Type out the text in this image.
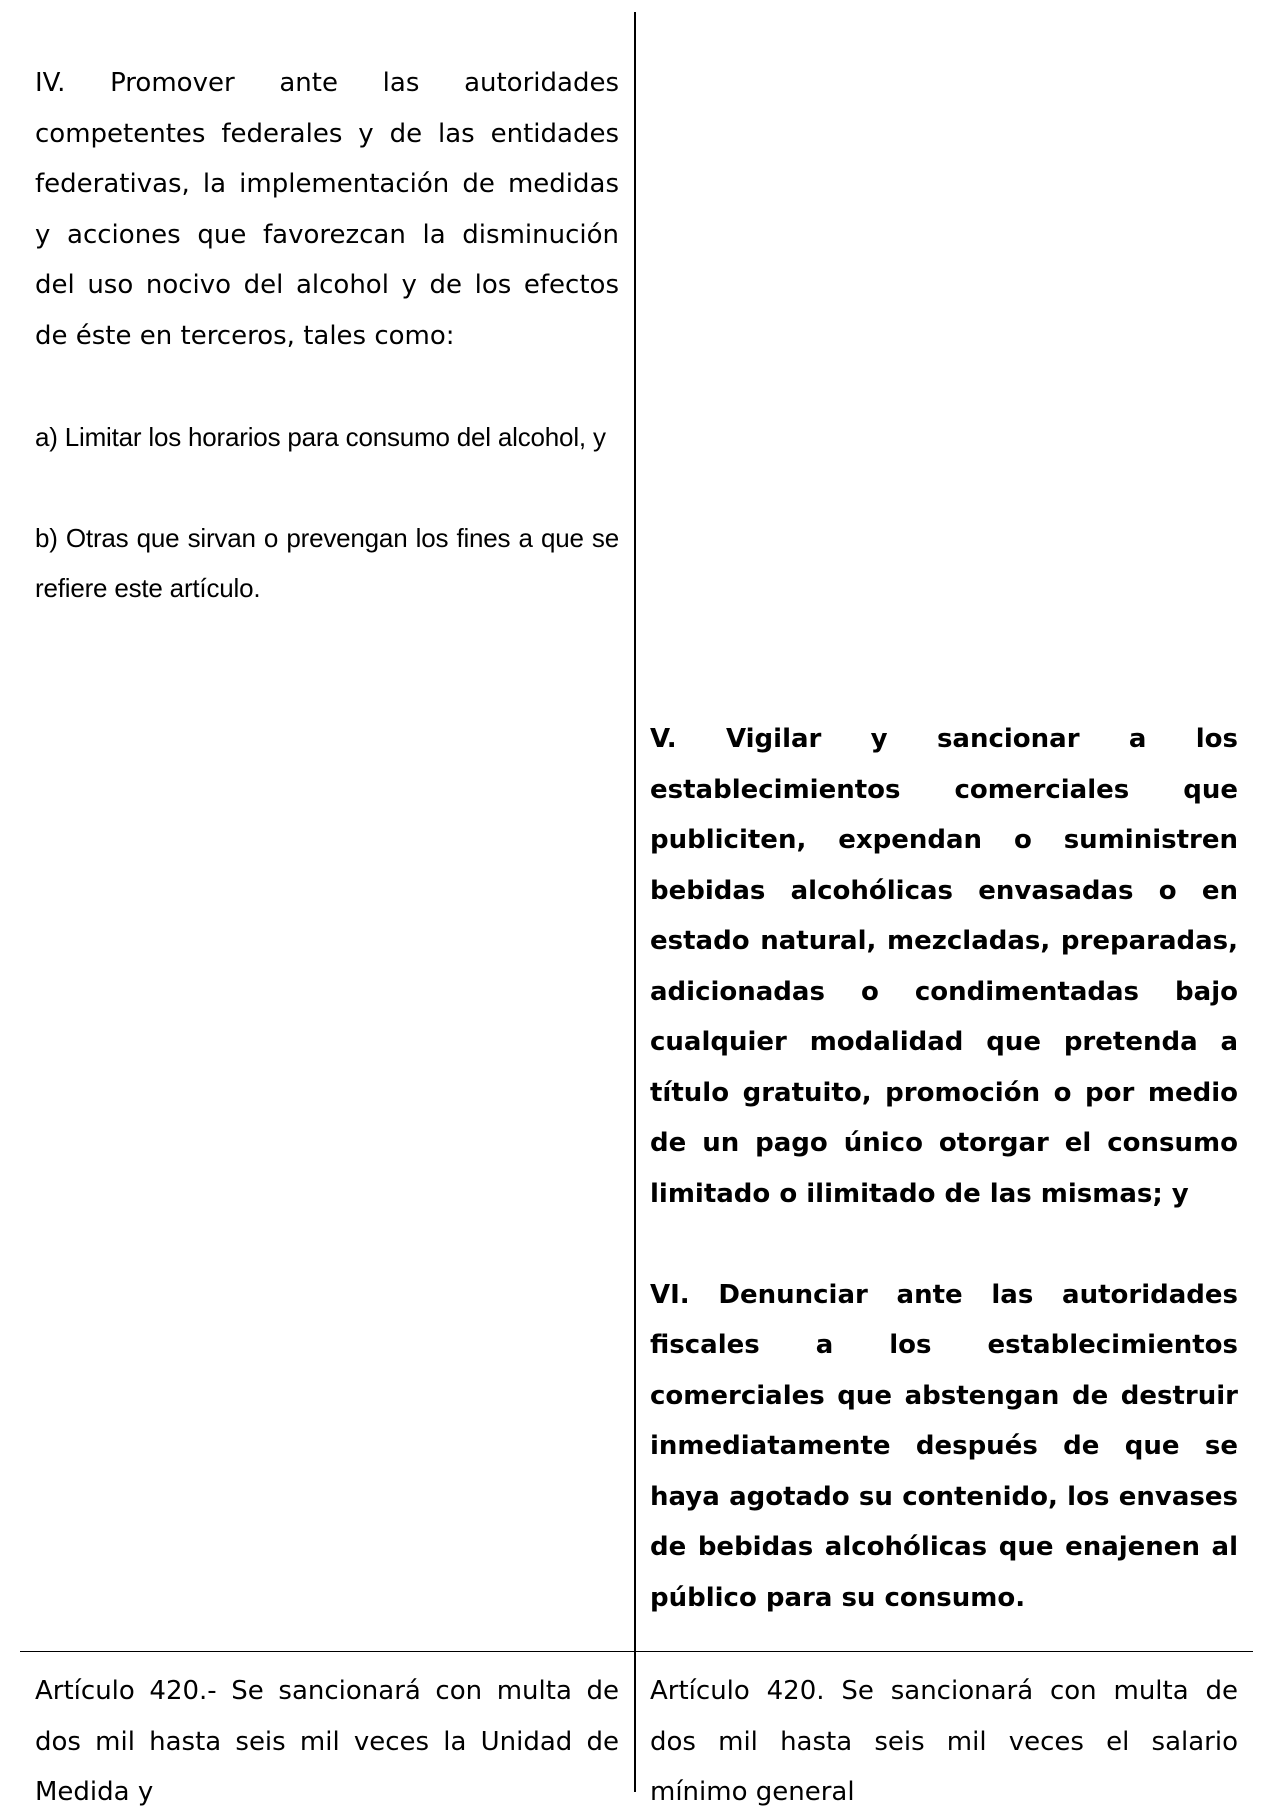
IV. Promover ante las autoridades competentes federales y de las entidades federativas, la implementación de medidas y acciones que favorezcan la disminución del uso nocivo del alcohol y de los efectos de éste en terceros, tales como:

a) Limitar los horarios para consumo del alcohol, y

b) Otras que sirvan o prevengan los fines a que se refiere este artículo.

V. Vigilar y sancionar a los establecimientos comerciales que publiciten, expendan o suministren bebidas alcohólicas envasadas o en estado natural, mezcladas, preparadas, adicionadas o condimentadas bajo cualquier modalidad que pretenda a título gratuito, promoción o por medio de un pago único otorgar el consumo limitado o ilimitado de las mismas; y

VI. Denunciar ante las autoridades fiscales a los establecimientos comerciales que abstengan de destruir inmediatamente después de que se haya agotado su contenido, los envases de bebidas alcohólicas que enajenen al público para su consumo.

Artículo 420.- Se sancionará con multa de dos mil hasta seis mil veces la Unidad de Medida y

Artículo 420. Se sancionará con multa de dos mil hasta seis mil veces el salario mínimo general
